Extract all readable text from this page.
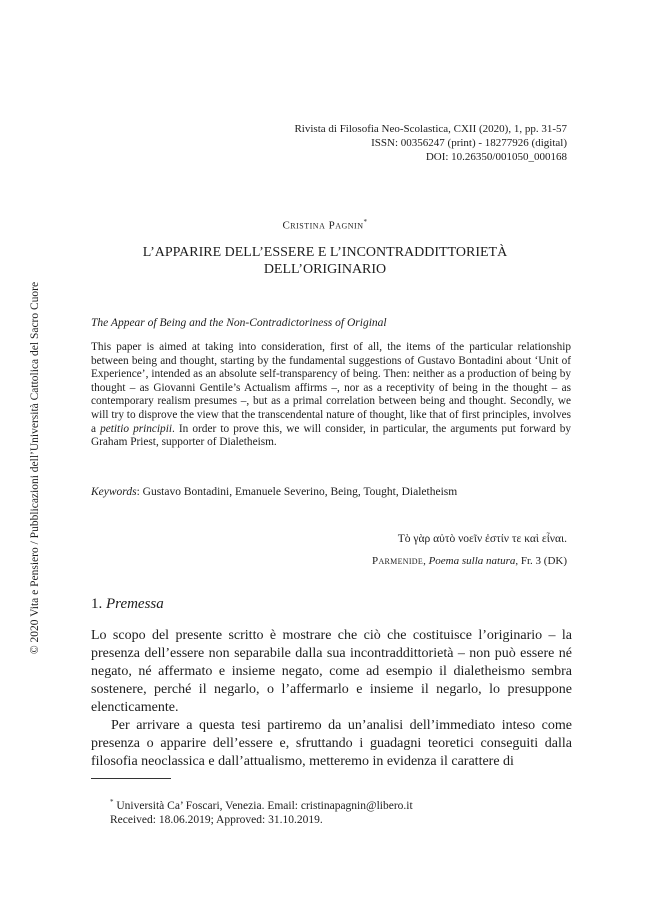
© 2020 Vita e Pensiero / Pubblicazioni dell’Università Cattolica del Sacro Cuore
Rivista di Filosofia Neo-Scolastica, CXII (2020), 1, pp. 31-57
ISSN: 00356247 (print) - 18277926 (digital)
DOI: 10.26350/001050_000168
Cristina Pagnin*
L’APPARIRE DELL’ESSERE E L’INCONTRADDITTORIETÀ
DELL’ORIGINARIO
The Appear of Being and the Non-Contradictoriness of Original
This paper is aimed at taking into consideration, first of all, the items of the particular relationship between being and thought, starting by the fundamental suggestions of Gustavo Bontadini about ‘Unit of Experience’, intended as an absolute self-transparency of being. Then: neither as a production of being by thought – as Giovanni Gentile’s Actualism affirms –, nor as a receptivity of being in the thought – as contemporary realism presumes –, but as a primal correlation between being and thought. Secondly, we will try to disprove the view that the transcendental nature of thought, like that of first principles, involves a petitio principii. In order to prove this, we will consider, in particular, the arguments put forward by Graham Priest, supporter of Dialetheism.
Keywords: Gustavo Bontadini, Emanuele Severino, Being, Tought, Dialetheism
Τὸ γὰρ αὐτὸ νοεῖν ἐστίν τε καὶ εἶναι.
Parmenide, Poema sulla natura, Fr. 3 (DK)
1. Premessa

Lo scopo del presente scritto è mostrare che ciò che costituisce l’originario – la presenza dell’essere non separabile dalla sua incontraddittorietà – non può essere né negato, né affermato e insieme negato, come ad esempio il dialetheismo sembra sostenere, perché il negarlo, o l’affermarlo e insieme il negarlo, lo presuppone elencticamente.

Per arrivare a questa tesi partiremo da un’analisi dell’immediato inteso come presenza o apparire dell’essere e, sfruttando i guadagni teoretici conseguiti dalla filosofia neoclassica e dall’attualismo, metteremo in evidenza il carattere di

* Università Ca’ Foscari, Venezia. Email: cristinapagnin@libero.it
Received: 18.06.2019; Approved: 31.10.2019.
